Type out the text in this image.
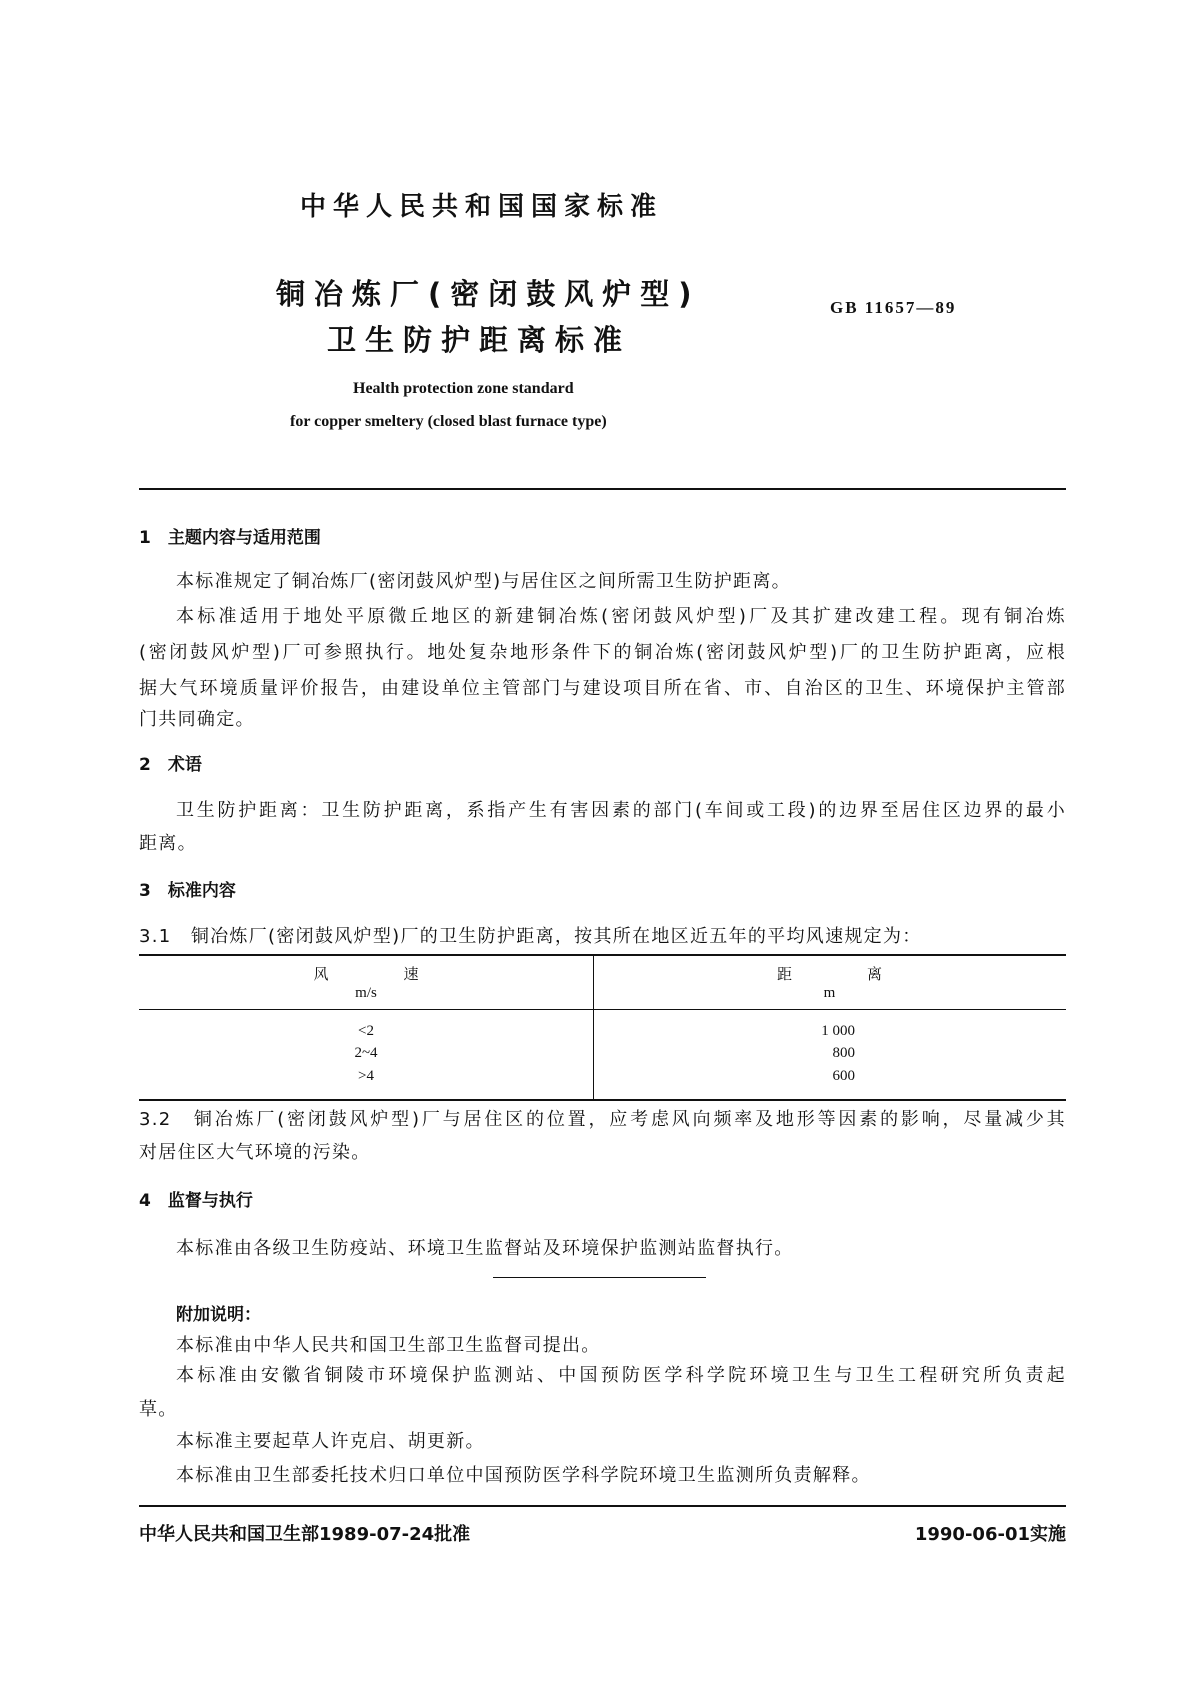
中华人民共和国国家标准
铜冶炼厂(密闭鼓风炉型)
卫生防护距离标准
GB 11657—89
Health protection zone standard
for copper smeltery (closed blast furnace type)
1　主题内容与适用范围
本标准规定了铜冶炼厂(密闭鼓风炉型)与居住区之间所需卫生防护距离。
本标准适用于地处平原微丘地区的新建铜冶炼(密闭鼓风炉型)厂及其扩建改建工程。现有铜冶炼
(密闭鼓风炉型)厂可参照执行。地处复杂地形条件下的铜冶炼(密闭鼓风炉型)厂的卫生防护距离，应根
据大气环境质量评价报告，由建设单位主管部门与建设项目所在省、市、自治区的卫生、环境保护主管部
门共同确定。
2　术语
卫生防护距离：卫生防护距离，系指产生有害因素的部门(车间或工段)的边界至居住区边界的最小
距离。
3　标准内容
3.1　铜冶炼厂(密闭鼓风炉型)厂的卫生防护距离，按其所在地区近五年的平均风速规定为：
风　　　　　速
m/s
距　　　　　离
m
<2
2~4
>4
1 000
800
600
3.2　铜冶炼厂(密闭鼓风炉型)厂与居住区的位置，应考虑风向频率及地形等因素的影响，尽量减少其
对居住区大气环境的污染。
4　监督与执行
本标准由各级卫生防疫站、环境卫生监督站及环境保护监测站监督执行。
附加说明：
本标准由中华人民共和国卫生部卫生监督司提出。
本标准由安徽省铜陵市环境保护监测站、中国预防医学科学院环境卫生与卫生工程研究所负责起
草。
本标准主要起草人许克启、胡更新。
本标准由卫生部委托技术归口单位中国预防医学科学院环境卫生监测所负责解释。
中华人民共和国卫生部1989-07-24批准	1990-06-01实施
